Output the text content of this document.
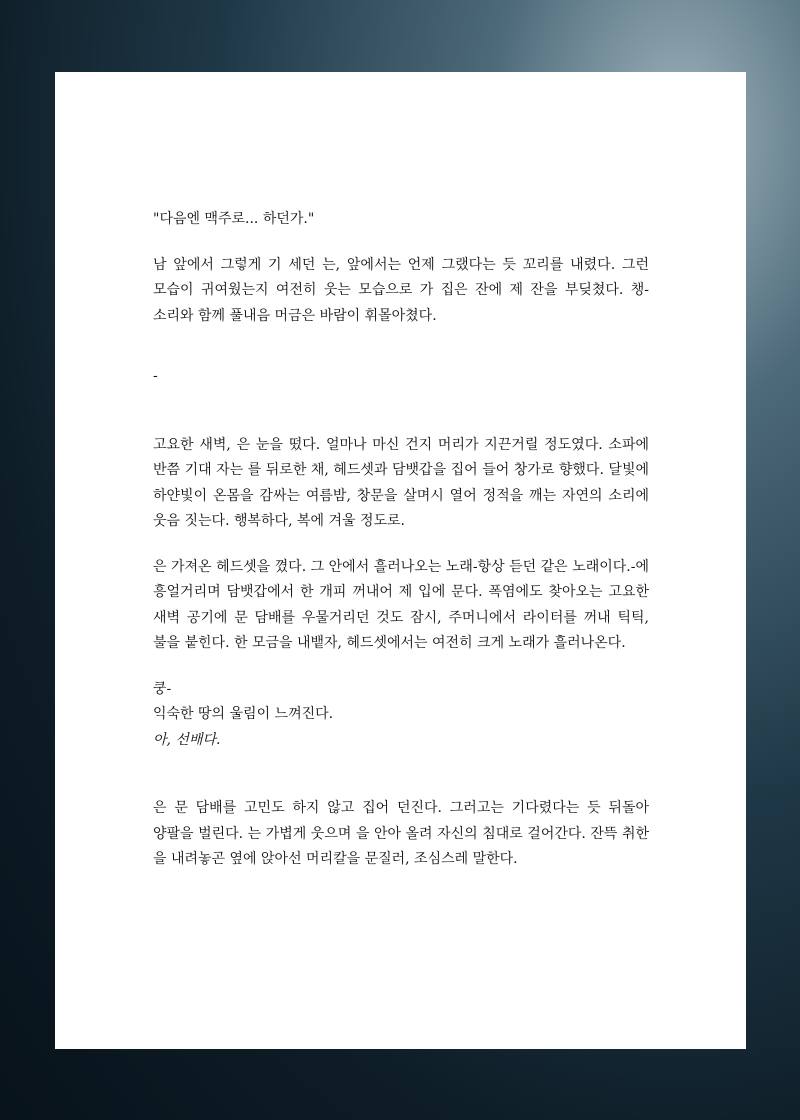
"다음엔 맥주로... 하던가."

남 앞에서 그렇게 기 세던 는, 앞에서는 언제 그랬다는 듯 꼬리를 내렸다. 그런 모습이 귀여웠는지 여전히 웃는 모습으로 가 집은 잔에 제 잔을 부딪쳤다. 챙- 소리와 함께 풀내음 머금은 바람이 휘몰아쳤다.

-

고요한 새벽, 은 눈을 떴다. 얼마나 마신 건지 머리가 지끈거릴 정도였다. 소파에 반쯤 기대 자는 를 뒤로한 채, 헤드셋과 담뱃갑을 집어 들어 창가로 향했다. 달빛에 하얀빛이 온몸을 감싸는 여름밤, 창문을 살며시 열어 정적을 깨는 자연의 소리에 웃음 짓는다. 행복하다, 복에 겨울 정도로.

은 가져온 헤드셋을 꼈다. 그 안에서 흘러나오는 노래-항상 듣던 같은 노래이다.-에 흥얼거리며 담뱃갑에서 한 개피 꺼내어 제 입에 문다. 폭염에도 찾아오는 고요한 새벽 공기에 문 담배를 우물거리던 것도 잠시, 주머니에서 라이터를 꺼내 틱틱, 불을 붙힌다. 한 모금을 내뱉자, 헤드셋에서는 여전히 크게 노래가 흘러나온다.

쿵-

익숙한 땅의 울림이 느껴진다.

아, 선배다.

은 문 담배를 고민도 하지 않고 집어 던진다. 그러고는 기다렸다는 듯 뒤돌아 양팔을 벌린다. 는 가볍게 웃으며 을 안아 올려 자신의 침대로 걸어간다. 잔뜩 취한 을 내려놓곤 옆에 앉아선 머리칼을 문질러, 조심스레 말한다.
